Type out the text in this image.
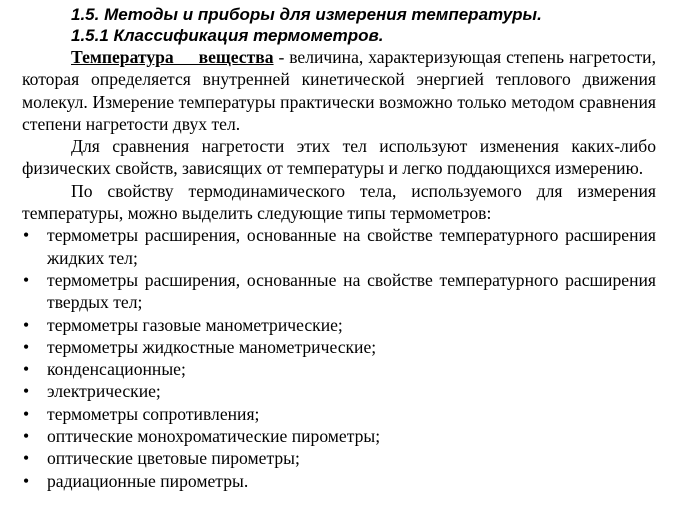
1.5. Методы и приборы для измерения температуры.
1.5.1 Классификация термометров.

Температура вещества - величина, характеризующая степень нагретости, которая определяется внутренней кинетической энергией теплового движения молекул. Измерение температуры практически возможно только методом сравнения степени нагретости двух тел.

Для сравнения нагретости этих тел используют изменения каких-либо физических свойств, зависящих от температуры и легко поддающихся измерению.

По свойству термодинамического тела, используемого для измерения температуры, можно выделить следующие типы термометров:

• термометры расширения, основанные на свойстве температурного расширения жидких тел;
• термометры расширения, основанные на свойстве температурного расширения твердых тел;
• термометры газовые манометрические;
• термометры жидкостные манометрические;
• конденсационные;
• электрические;
• термометры сопротивления;
• оптические монохроматические пирометры;
• оптические цветовые пирометры;
• радиационные пирометры.
